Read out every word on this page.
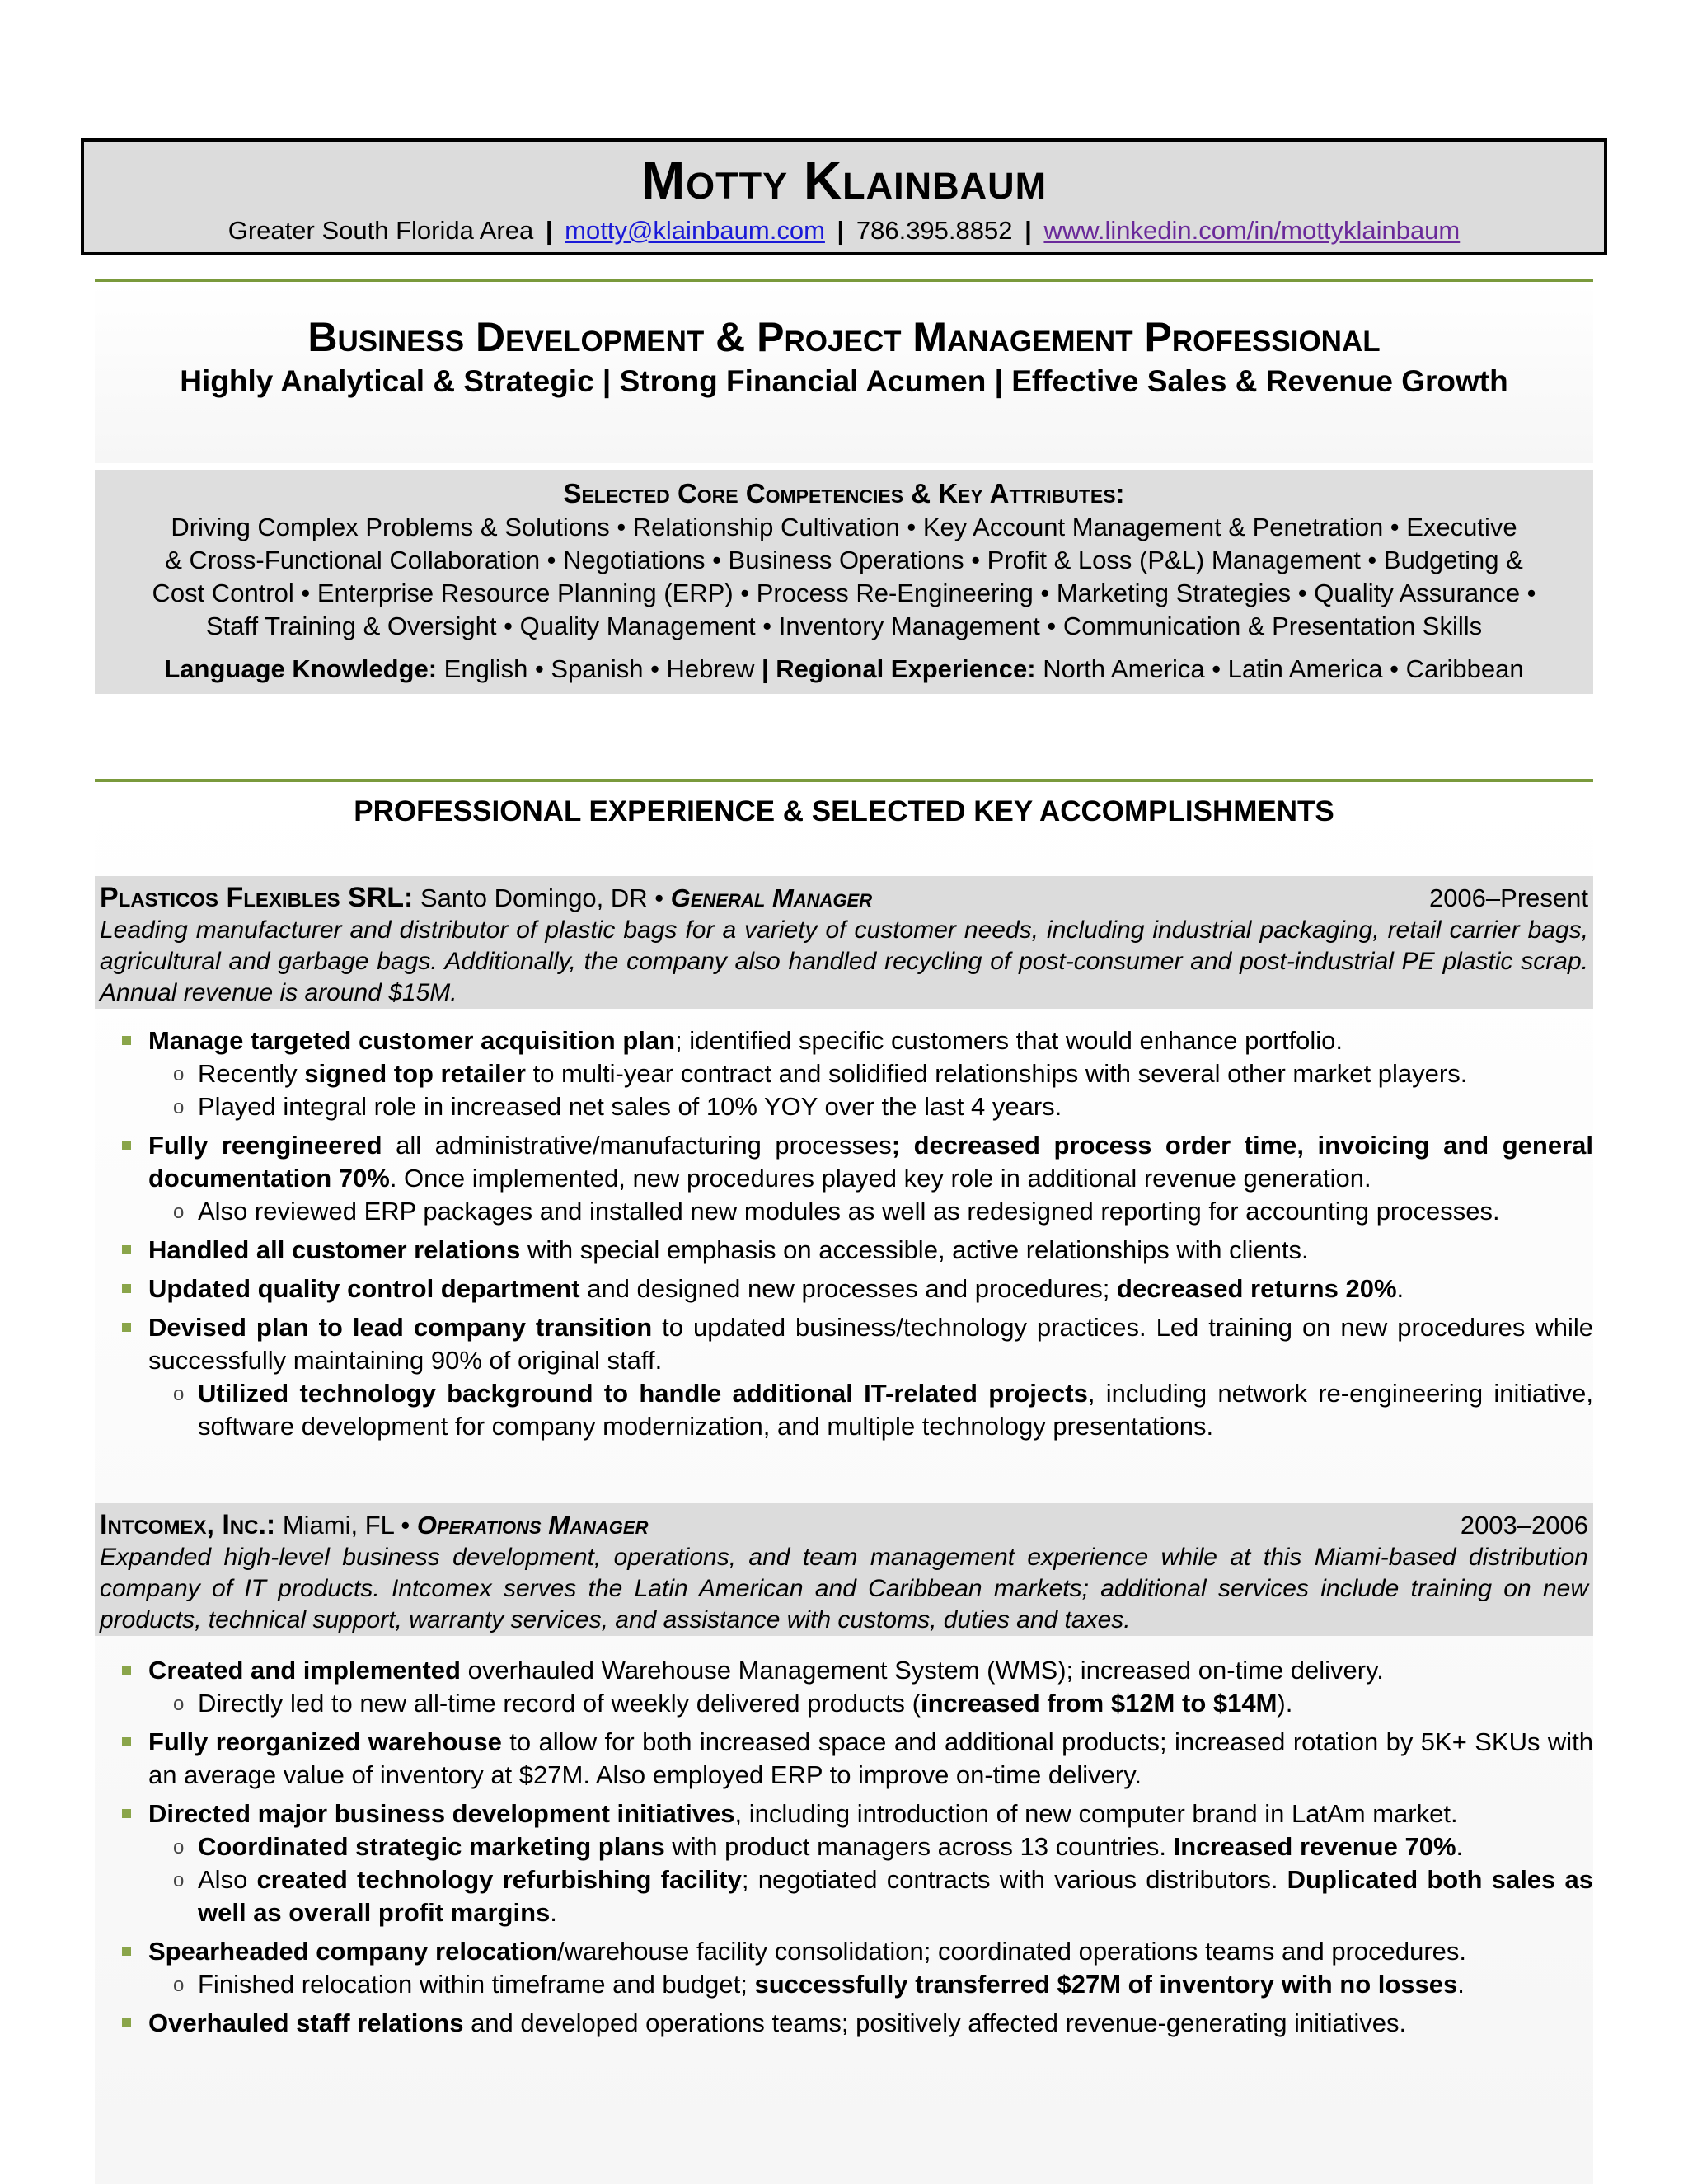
Motty Klainbaum
Greater South Florida Area | motty@klainbaum.com | 786.395.8852 | www.linkedin.com/in/mottyklainbaum
Business Development & Project Management Professional
Highly Analytical & Strategic | Strong Financial Acumen | Effective Sales & Revenue Growth
Selected Core Competencies & Key Attributes:
Driving Complex Problems & Solutions • Relationship Cultivation • Key Account Management & Penetration • Executive
& Cross-Functional Collaboration • Negotiations • Business Operations • Profit & Loss (P&L) Management • Budgeting &
Cost Control • Enterprise Resource Planning (ERP) • Process Re-Engineering • Marketing Strategies • Quality Assurance •
Staff Training & Oversight • Quality Management • Inventory Management • Communication & Presentation Skills
Language Knowledge: English • Spanish • Hebrew | Regional Experience: North America • Latin America • Caribbean
PROFESSIONAL EXPERIENCE & SELECTED KEY ACCOMPLISHMENTS
Plasticos Flexibles SRL: Santo Domingo, DR • General Manager	2006–Present
Leading manufacturer and distributor of plastic bags for a variety of customer needs, including industrial packaging, retail carrier bags, agricultural and garbage bags. Additionally, the company also handled recycling of post-consumer and post-industrial PE plastic scrap. Annual revenue is around $15M.
Manage targeted customer acquisition plan; identified specific customers that would enhance portfolio.
o Recently signed top retailer to multi-year contract and solidified relationships with several other market players.
o Played integral role in increased net sales of 10% YOY over the last 4 years.
Fully reengineered all administrative/manufacturing processes; decreased process order time, invoicing and general documentation 70%. Once implemented, new procedures played key role in additional revenue generation.
o Also reviewed ERP packages and installed new modules as well as redesigned reporting for accounting processes.
Handled all customer relations with special emphasis on accessible, active relationships with clients.
Updated quality control department and designed new processes and procedures; decreased returns 20%.
Devised plan to lead company transition to updated business/technology practices. Led training on new procedures while successfully maintaining 90% of original staff.
o Utilized technology background to handle additional IT-related projects, including network re-engineering initiative, software development for company modernization, and multiple technology presentations.
Intcomex, Inc.: Miami, FL • Operations Manager	2003–2006
Expanded high-level business development, operations, and team management experience while at this Miami-based distribution company of IT products. Intcomex serves the Latin American and Caribbean markets; additional services include training on new products, technical support, warranty services, and assistance with customs, duties and taxes.
Created and implemented overhauled Warehouse Management System (WMS); increased on-time delivery.
o Directly led to new all-time record of weekly delivered products (increased from $12M to $14M).
Fully reorganized warehouse to allow for both increased space and additional products; increased rotation by 5K+ SKUs with an average value of inventory at $27M. Also employed ERP to improve on-time delivery.
Directed major business development initiatives, including introduction of new computer brand in LatAm market.
o Coordinated strategic marketing plans with product managers across 13 countries. Increased revenue 70%.
o Also created technology refurbishing facility; negotiated contracts with various distributors. Duplicated both sales as well as overall profit margins.
Spearheaded company relocation/warehouse facility consolidation; coordinated operations teams and procedures.
o Finished relocation within timeframe and budget; successfully transferred $27M of inventory with no losses.
Overhauled staff relations and developed operations teams; positively affected revenue-generating initiatives.
